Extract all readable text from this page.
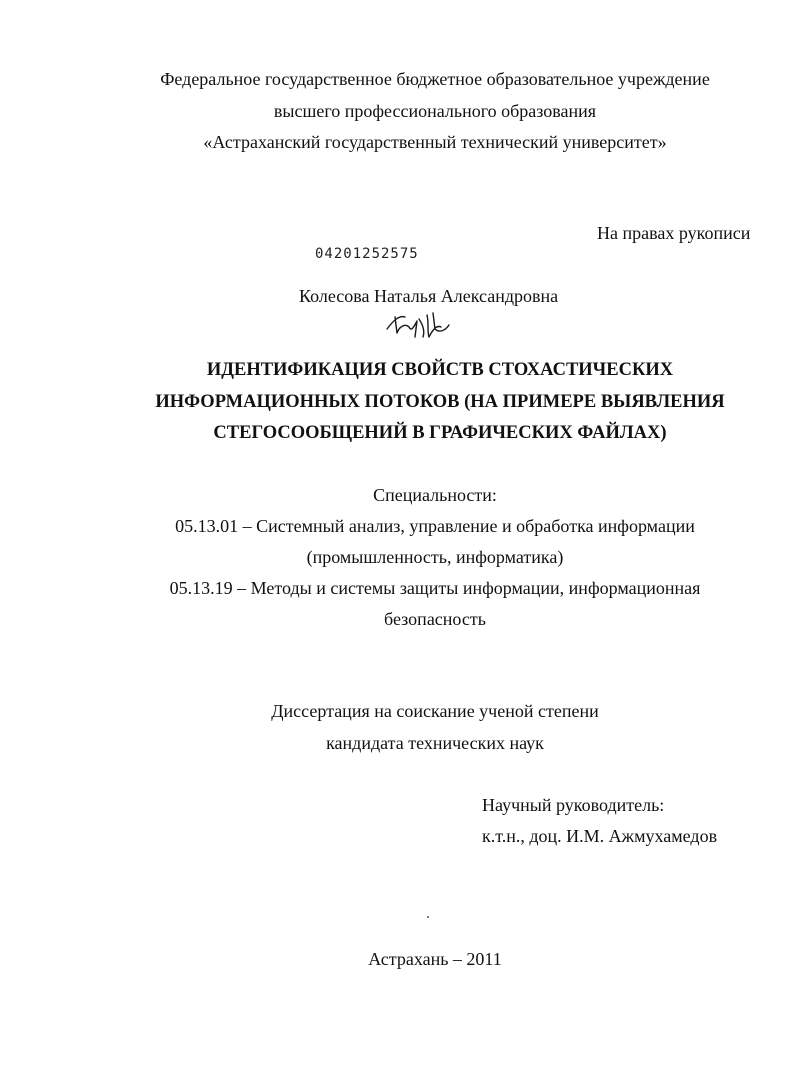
Федеральное государственное бюджетное образовательное учреждение
высшего профессионального образования
«Астраханский государственный технический университет»
На правах рукописи
04201252575
Колесова Наталья Александровна
ИДЕНТИФИКАЦИЯ СВОЙСТВ СТОХАСТИЧЕСКИХ
ИНФОРМАЦИОННЫХ ПОТОКОВ (НА ПРИМЕРЕ ВЫЯВЛЕНИЯ
СТЕГОСООБЩЕНИЙ В ГРАФИЧЕСКИХ ФАЙЛАХ)
Специальности:
05.13.01 – Системный анализ, управление и обработка информации
(промышленность, информатика)
05.13.19 – Методы и системы защиты информации, информационная
безопасность
Диссертация на соискание ученой степени
кандидата технических наук
Научный руководитель:
к.т.н., доц. И.М. Ажмухамедов
Астрахань – 2011
